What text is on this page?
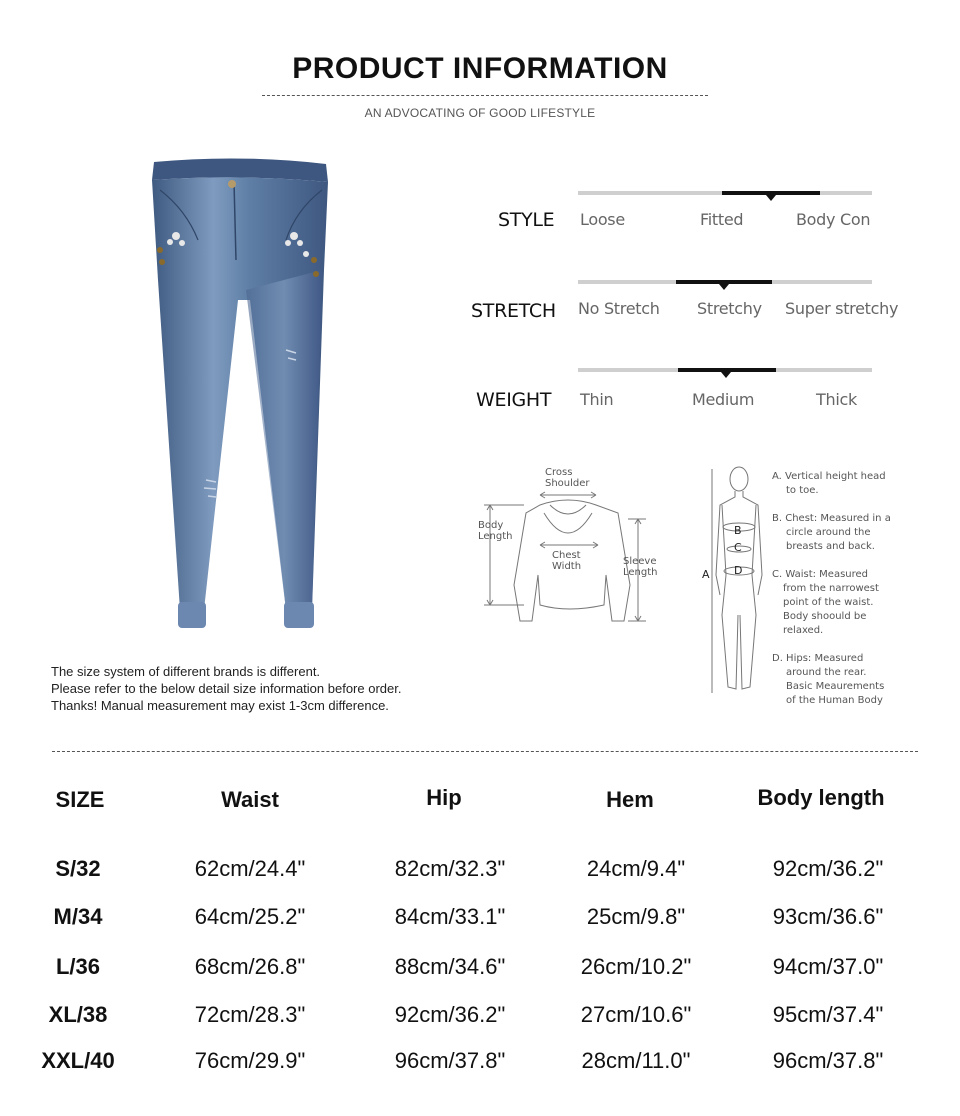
PRODUCT INFORMATION
AN ADVOCATING OF GOOD LIFESTYLE
STYLE Loose	Fitted	Body Con
STRETCH No Stretch Stretchy Super stretchy
WEIGHT Thin	Medium	Thick
Cross
Shoulder
Body
Length
Chest
Width	Sleeve
Length	A
B
C
D
A. Vertical height head
to toe.
B. Chest: Measured in a
circle around the
breasts and back.
C. Waist: Measured
from the narrowest
point of the waist.
Body shoould be
relaxed.
D. Hips: Measured
around the rear.
Basic Meaurements
of the Human Body
The size system of different brands is different.
Please refer to the below detail size information before order.
Thanks! Manual measurement may exist 1-3cm difference.
SIZE	Waist	Hip	Hem	Body length
S/32	62cm/24.4"	82cm/32.3"	24cm/9.4"	92cm/36.2"
M/34	64cm/25.2"	84cm/33.1"	25cm/9.8"	93cm/36.6"
L/36	68cm/26.8"	88cm/34.6"	26cm/10.2"	94cm/37.0"
XL/38	72cm/28.3"	92cm/36.2"	27cm/10.6"	95cm/37.4"
XXL/40	76cm/29.9"	96cm/37.8"	28cm/11.0"	96cm/37.8"
